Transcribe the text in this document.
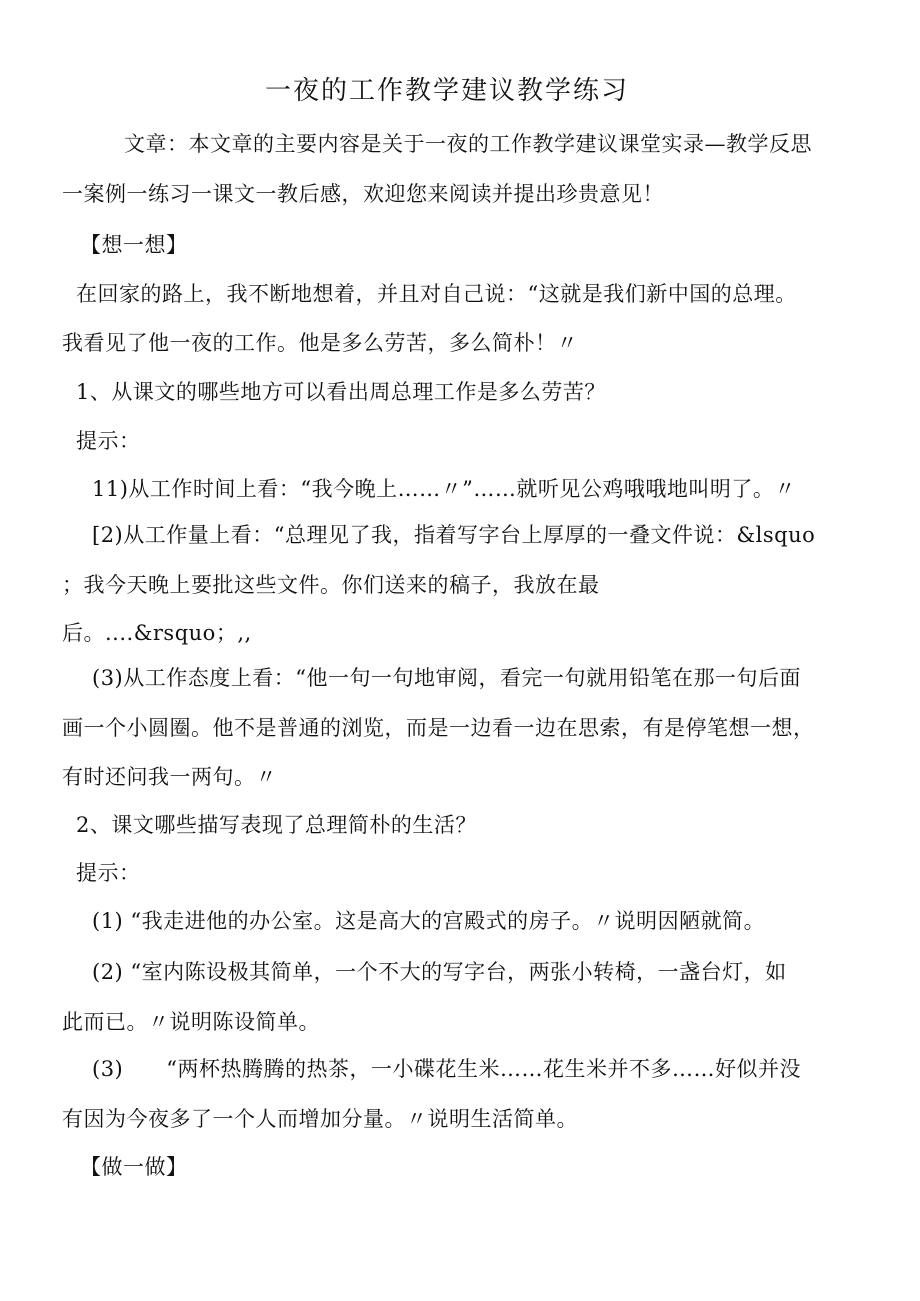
一夜的工作教学建议教学练习
文章：本文章的主要内容是关于一夜的工作教学建议课堂实录—教学反思
一案例一练习一课文一教后感，欢迎您来阅读并提出珍贵意见！
【想一想】
在回家的路上，我不断地想着，并且对自己说：“这就是我们新中国的总理。
我看见了他一夜的工作。他是多么劳苦，多么简朴！〃
1、从课文的哪些地方可以看出周总理工作是多么劳苦？
提示：
11)从工作时间上看：“我今晚上……〃”……就听见公鸡哦哦地叫明了。〃
[2)从工作量上看：“总理见了我，指着写字台上厚厚的一叠文件说：&lsquo
；我今天晚上要批这些文件。你们送来的稿子，我放在最
后。....&rsquo；,,
(3)从工作态度上看：“他一句一句地审阅，看完一句就用铅笔在那一句后面
画一个小圆圈。他不是普通的浏览，而是一边看一边在思索，有是停笔想一想，
有时还问我一两句。〃
2、课文哪些描写表现了总理简朴的生活？
提示：
(1) “我走进他的办公室。这是高大的宫殿式的房子。〃说明因陋就简。
(2) “室内陈设极其简单，一个不大的写字台，两张小转椅，一盏台灯，如
此而已。〃说明陈设简单。
(3)　　“两杯热腾腾的热茶，一小碟花生米……花生米并不多……好似并没
有因为今夜多了一个人而增加分量。〃说明生活简单。
【做一做】
